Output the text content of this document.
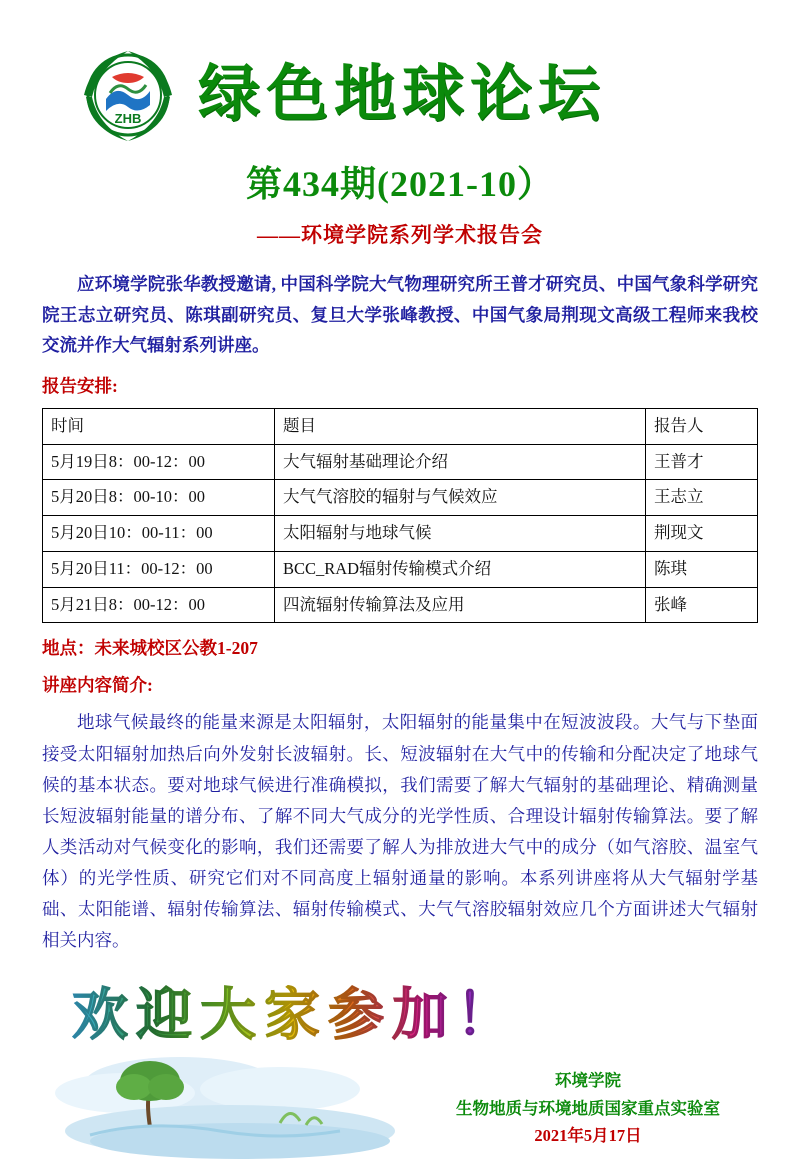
ZHB 绿色地球论坛
第434期(2021-10）
——环境学院系列学术报告会
应环境学院张华教授邀请, 中国科学院大气物理研究所王普才研究员、中国气象科学研究院王志立研究员、陈琪副研究员、复旦大学张峰教授、中国气象局荆现文高级工程师来我校交流并作大气辐射系列讲座。
报告安排:
时间	题目	报告人
5月19日8：00-12：00	大气辐射基础理论介绍	王普才
5月20日8：00-10：00	大气气溶胶的辐射与气候效应	王志立
5月20日10：00-11：00	太阳辐射与地球气候	荆现文
5月20日11：00-12：00	BCC_RAD辐射传输模式介绍	陈琪
5月21日8：00-12：00	四流辐射传输算法及应用	张峰
地点：未来城校区公教1-207
讲座内容简介:
地球气候最终的能量来源是太阳辐射，太阳辐射的能量集中在短波波段。大气与下垫面接受太阳辐射加热后向外发射长波辐射。长、短波辐射在大气中的传输和分配决定了地球气候的基本状态。要对地球气候进行准确模拟，我们需要了解大气辐射的基础理论、精确测量长短波辐射能量的谱分布、了解不同大气成分的光学性质、合理设计辐射传输算法。要了解人类活动对气候变化的影响，我们还需要了解人为排放进大气中的成分（如气溶胶、温室气体）的光学性质、研究它们对不同高度上辐射通量的影响。本系列讲座将从大气辐射学基础、太阳能谱、辐射传输算法、辐射传输模式、大气气溶胶辐射效应几个方面讲述大气辐射相关内容。
欢迎大家参加！
环境学院
生物地质与环境地质国家重点实验室
2021年5月17日
